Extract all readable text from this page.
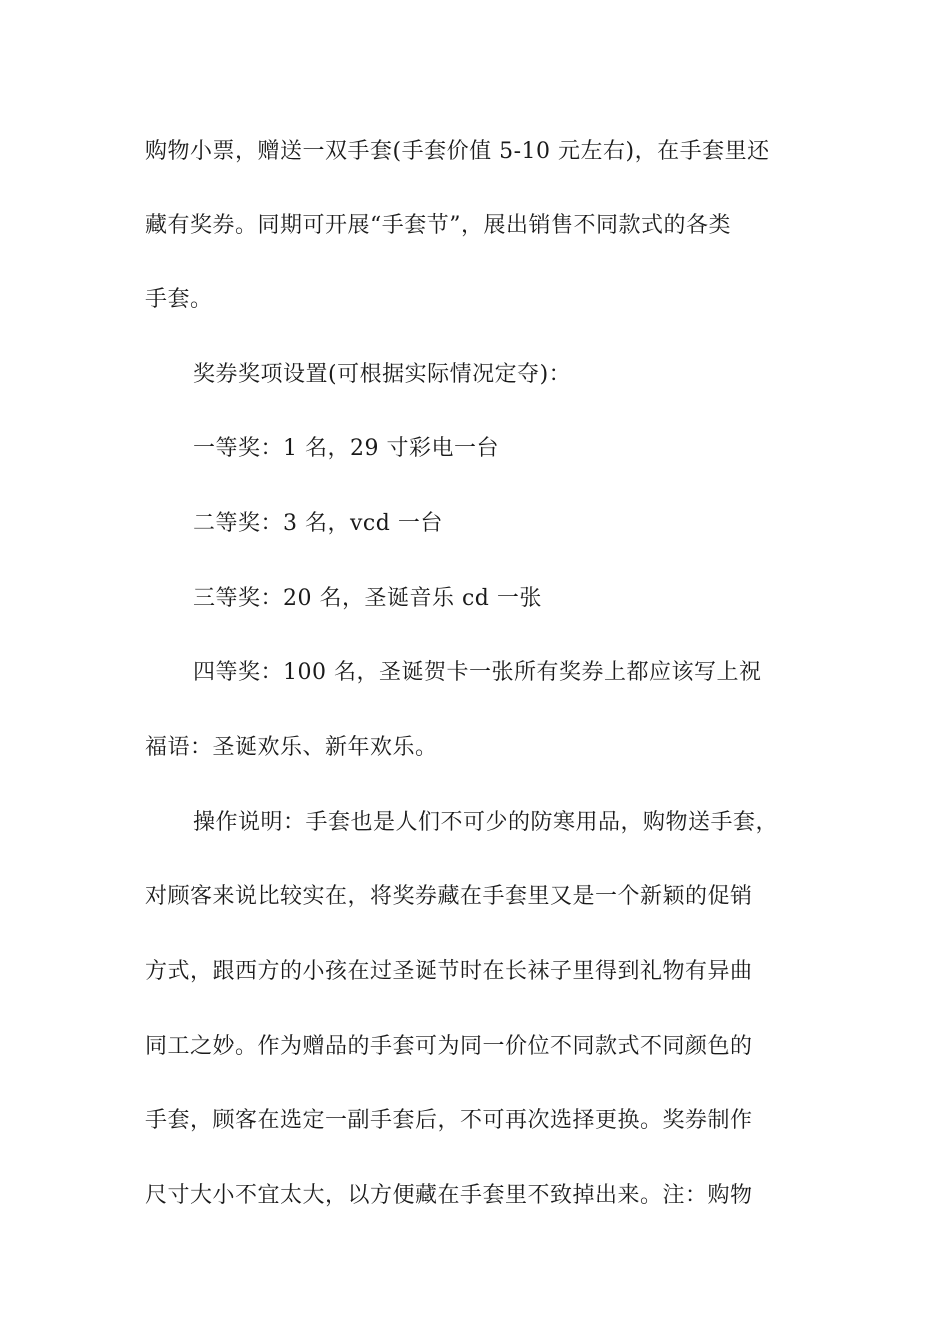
购物小票，赠送一双手套(手套价值 5-10 元左右)，在手套里还
藏有奖券。同期可开展“手套节”，展出销售不同款式的各类
手套。
奖券奖项设置(可根据实际情况定夺)：
一等奖：1 名，29 寸彩电一台
二等奖：3 名，vcd 一台
三等奖：20 名，圣诞音乐 cd 一张
四等奖：100 名，圣诞贺卡一张所有奖券上都应该写上祝
福语：圣诞欢乐、新年欢乐。
操作说明：手套也是人们不可少的防寒用品，购物送手套，
对顾客来说比较实在，将奖券藏在手套里又是一个新颖的促销
方式，跟西方的小孩在过圣诞节时在长袜子里得到礼物有异曲
同工之妙。作为赠品的手套可为同一价位不同款式不同颜色的
手套，顾客在选定一副手套后，不可再次选择更换。奖券制作
尺寸大小不宜太大，以方便藏在手套里不致掉出来。注：购物
